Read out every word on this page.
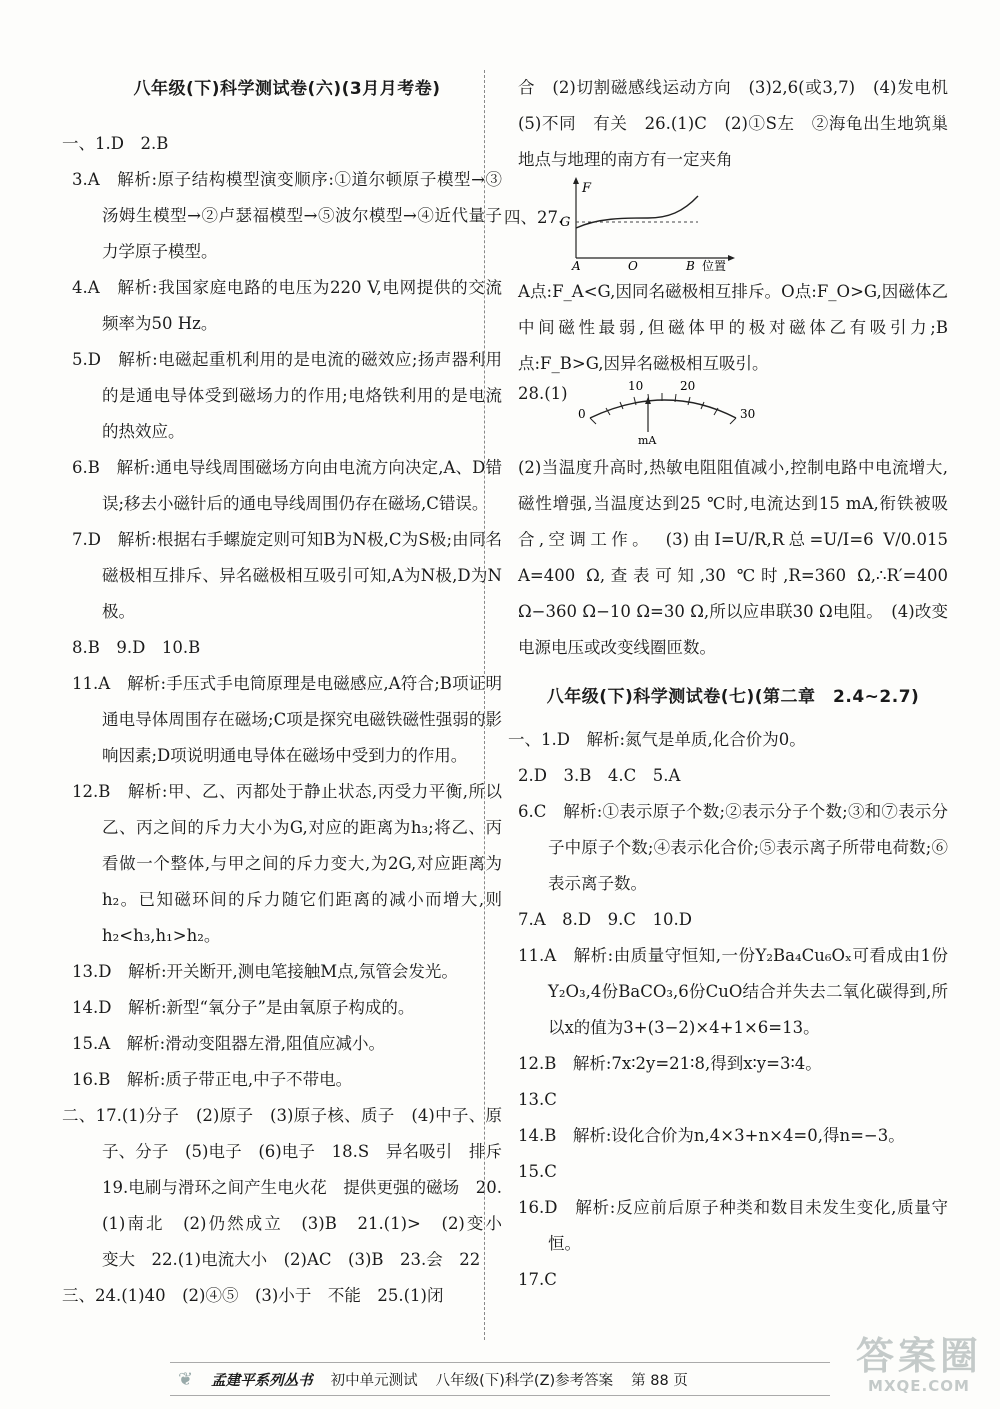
八年级(下)科学测试卷(六)(3月月考卷)

一、1.D　2.B

3.A　解析:原子结构模型演变顺序:①道尔顿原子模型→③汤姆生模型→②卢瑟福模型→⑤波尔模型→④近代量子力学原子模型。

4.A　解析:我国家庭电路的电压为220 V,电网提供的交流频率为50 Hz。

5.D　解析:电磁起重机利用的是电流的磁效应;扬声器利用的是通电导体受到磁场力的作用;电烙铁利用的是电流的热效应。

6.B　解析:通电导线周围磁场方向由电流方向决定,A、D错误;移去小磁针后的通电导线周围仍存在磁场,C错误。

7.D　解析:根据右手螺旋定则可知B为N极,C为S极;由同名磁极相互排斥、异名磁极相互吸引可知,A为N极,D为N极。

8.B　9.D　10.B

11.A　解析:手压式手电筒原理是电磁感应,A符合;B项证明通电导体周围存在磁场;C项是探究电磁铁磁性强弱的影响因素;D项说明通电导体在磁场中受到力的作用。

12.B　解析:甲、乙、丙都处于静止状态,丙受力平衡,所以乙、丙之间的斥力大小为G,对应的距离为h₃;将乙、丙看做一个整体,与甲之间的斥力变大,为2G,对应距离为h₂。已知磁环间的斥力随它们距离的减小而增大,则h₂<h₃,h₁>h₂。

13.D　解析:开关断开,测电笔接触M点,氖管会发光。

14.D　解析:新型“氧分子”是由氧原子构成的。

15.A　解析:滑动变阻器左滑,阻值应减小。

16.B　解析:质子带正电,中子不带电。

二、17.(1)分子　(2)原子　(3)原子核、质子　(4)中子、原子、分子　(5)电子　(6)电子　18.S　异名吸引　排斥　19.电刷与滑环之间产生电火花　提供更强的磁场　20.(1)南北　(2)仍然成立　(3)B　21.(1)>　(2)变小　变大　22.(1)电流大小　(2)AC　(3)B　23.会　22

三、24.(1)40　(2)④⑤　(3)小于　不能　25.(1)闭

合　(2)切割磁感线运动方向　(3)2,6(或3,7)　(4)发电机　(5)不同　有关　26.(1)C　(2)①S左　②海龟出生地筑巢地点与地理的南方有一定夹角

四、27.
F
G
A	O	B 位置

A点:F_A<G,因同名磁极相互排斥。O点:F_O>G,因磁体乙中间磁性最弱,但磁体甲的极对磁体乙有吸引力;B点:F_B>G,因异名磁极相互吸引。

28.(1)
0
10	20
30
mA

(2)当温度升高时,热敏电阻阻值减小,控制电路中电流增大,磁性增强,当温度达到25 ℃时,电流达到15 mA,衔铁被吸合,空调工作。　(3)由I=U/R,R总=U/I=6 V/0.015 A=400 Ω,查表可知,30 ℃时,R=360 Ω,∴R′=400 Ω−360 Ω−10 Ω=30 Ω,所以应串联30 Ω电阻。　(4)改变电源电压或改变线圈匝数。

八年级(下)科学测试卷(七)(第二章　2.4~2.7)

一、1.D　解析:氮气是单质,化合价为0。

2.D　3.B　4.C　5.A

6.C　解析:①表示原子个数;②表示分子个数;③和⑦表示分子中原子个数;④表示化合价;⑤表示离子所带电荷数;⑥表示离子数。

7.A　8.D　9.C　10.D

11.A　解析:由质量守恒知,一份Y₂Ba₄Cu₆Oₓ可看成由1份Y₂O₃,4份BaCO₃,6份CuO结合并失去二氧化碳得到,所以x的值为3+(3−2)×4+1×6=13。

12.B　解析:7x∶2y=21∶8,得到x∶y=3∶4。

13.C

14.B　解析:设化合价为n,4×3+n×4=0,得n=−3。

15.C

16.D　解析:反应前后原子种类和数目未发生变化,质量守恒。

17.C

❦ 孟建平系列丛书 初中单元测试 八年级(下)科学(Z)参考答案 第 88 页
答案圈
MXQE.COM
